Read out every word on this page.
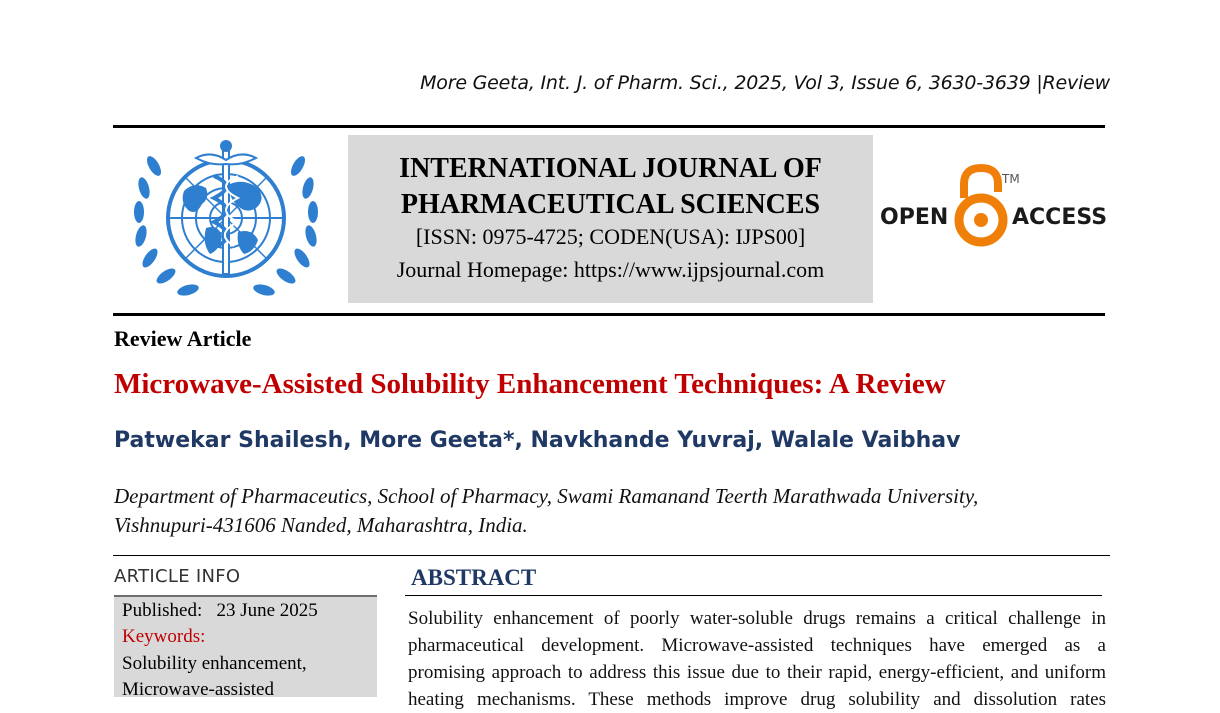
More Geeta, Int. J. of Pharm. Sci., 2025, Vol 3, Issue 6, 3630-3639 |Review
INTERNATIONAL JOURNAL OF
PHARMACEUTICAL SCIENCES
[ISSN: 0975-4725; CODEN(USA): IJPS00]
Journal Homepage: https://www.ijpsjournal.com
OPEN	ACCESS
TM
Review Article
Microwave-Assisted Solubility Enhancement Techniques: A Review
Patwekar Shailesh, More Geeta*, Navkhande Yuvraj, Walale Vaibhav
Department of Pharmaceutics, School of Pharmacy, Swami Ramanand Teerth Marathwada University,
Vishnupuri-431606 Nanded, Maharashtra, India.
ARTICLE INFO
Published: 23 June 2025
Keywords:
Solubility enhancement,
Microwave-assisted
ABSTRACT
Solubility enhancement of poorly water-soluble drugs remains a critical challenge in
pharmaceutical development. Microwave-assisted techniques have emerged as a
promising approach to address this issue due to their rapid, energy-efficient, and uniform
heating mechanisms. These methods improve drug solubility and dissolution rates
